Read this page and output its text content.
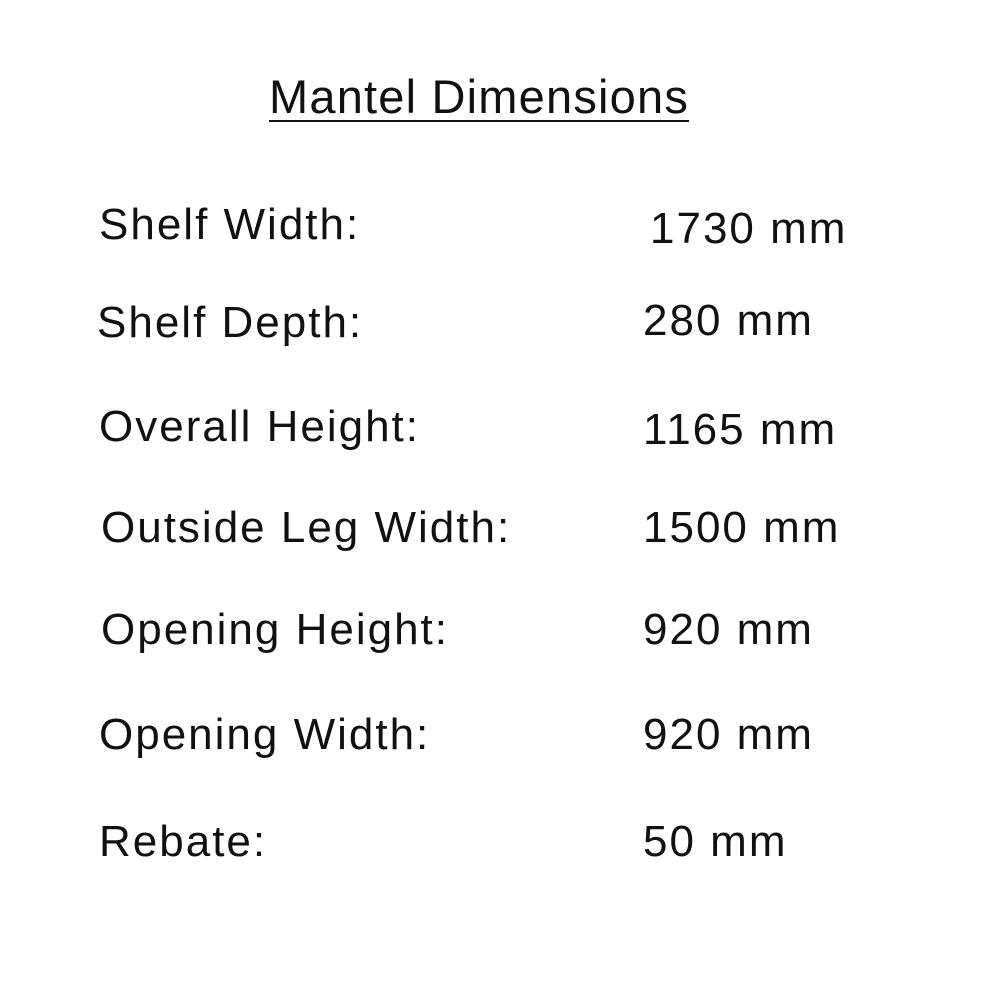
Mantel Dimensions
Shelf Width:	1730 mm
Shelf Depth:	280 mm
Overall Height:	1165 mm
Outside Leg Width:	1500 mm
Opening Height:	920 mm
Opening Width:	920 mm
Rebate:	50 mm
